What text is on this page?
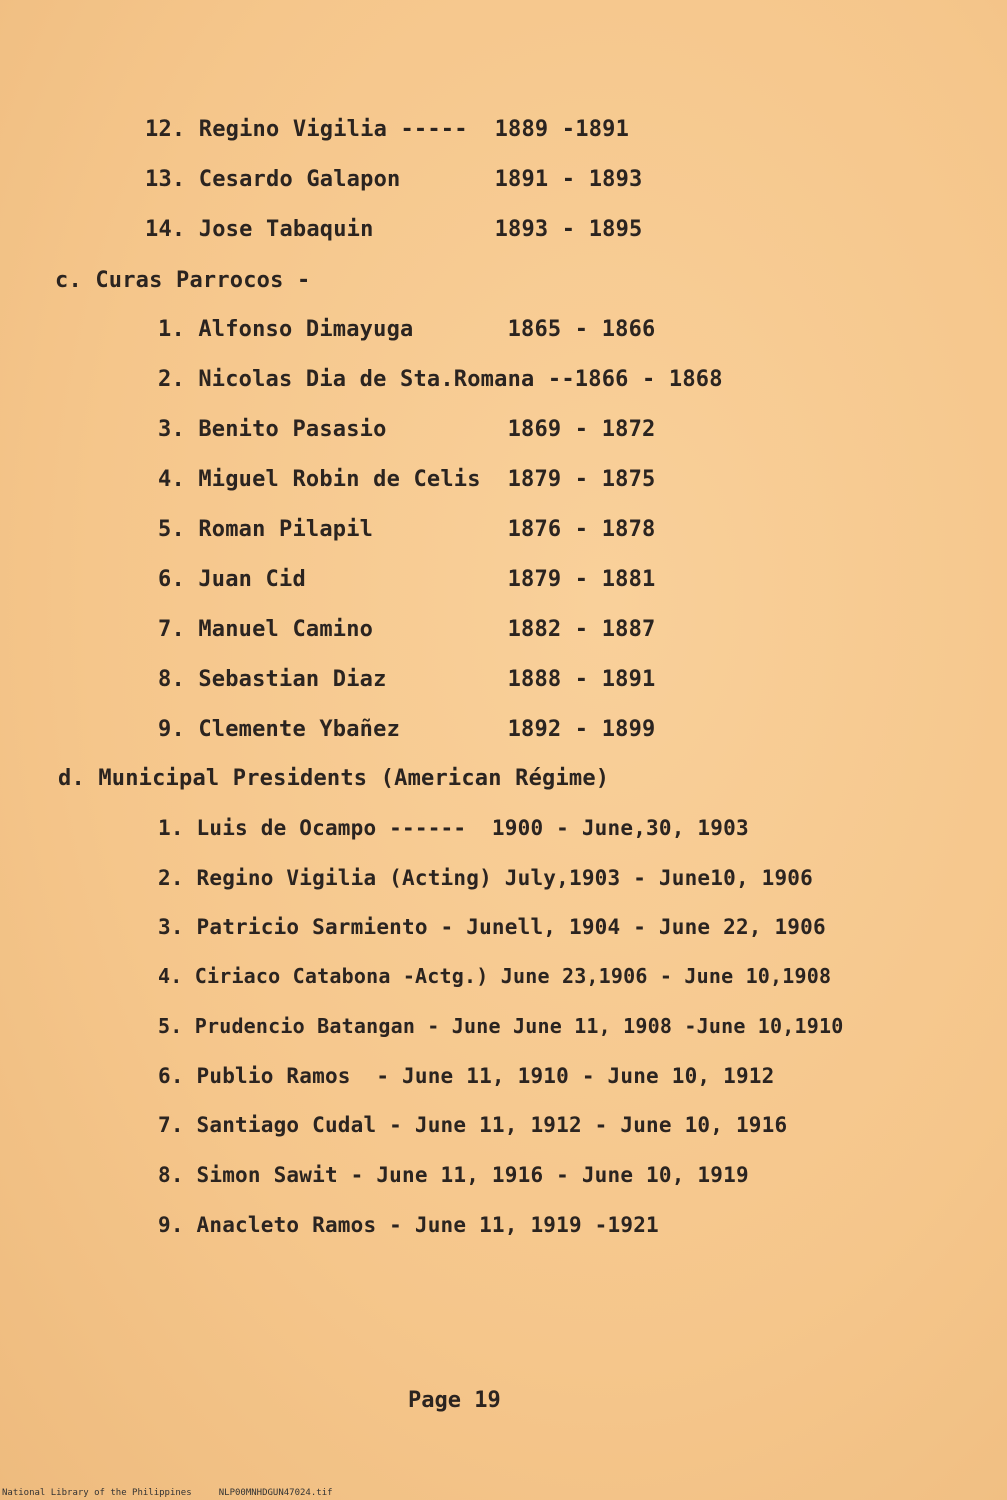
12. Regino Vigilia -----  1889 -1891
13. Cesardo Galapon       1891 - 1893
14. Jose Tabaquin         1893 - 1895
c. Curas Parrocos -
1. Alfonso Dimayuga       1865 - 1866
2. Nicolas Dia de Sta.Romana --1866 - 1868
3. Benito Pasasio         1869 - 1872
4. Miguel Robin de Celis  1879 - 1875
5. Roman Pilapil          1876 - 1878
6. Juan Cid               1879 - 1881
7. Manuel Camino          1882 - 1887
8. Sebastian Diaz         1888 - 1891
9. Clemente Ybañez        1892 - 1899
d. Municipal Presidents (American Régime)
1. Luis de Ocampo ------  1900 - June,30, 1903
2. Regino Vigilia (Acting) July,1903 - June10, 1906
3. Patricio Sarmiento - Junell, 1904 - June 22, 1906
4. Ciriaco Catabona -Actg.) June 23,1906 - June 10,1908
5. Prudencio Batangan - June June 11, 1908 -June 10,1910
6. Publio Ramos  - June 11, 1910 - June 10, 1912
7. Santiago Cudal - June 11, 1912 - June 10, 1916
8. Simon Sawit - June 11, 1916 - June 10, 1919
9. Anacleto Ramos - June 11, 1919 -1921
Page 19
National Library of the Philippines     NLP00MNHDGUN47024.tif
